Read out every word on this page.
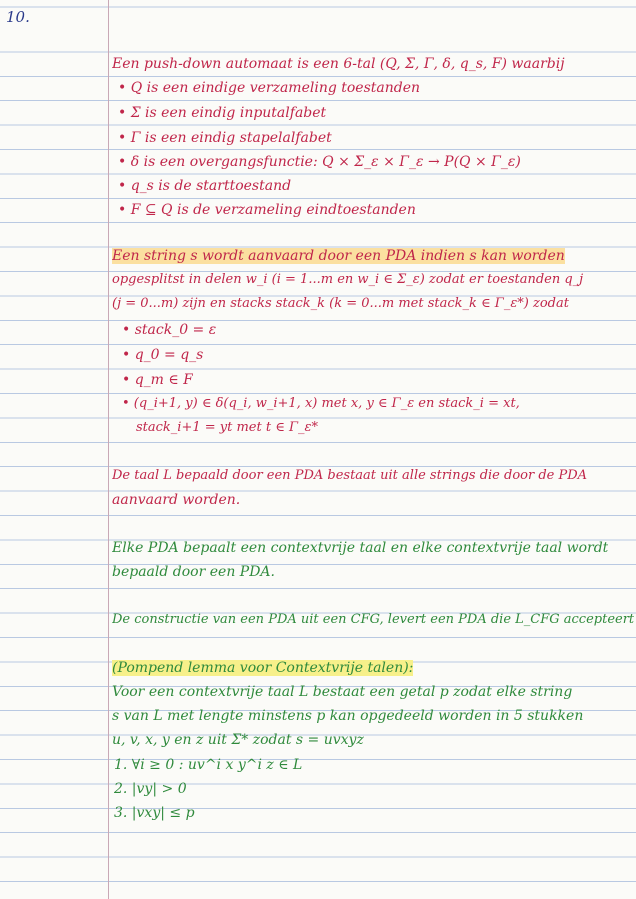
10.
Een push-down automaat is een 6-tal (Q, Σ, Γ, δ, q_s, F) waarbij
• Q is een eindige verzameling toestanden
• Σ is een eindig inputalfabet
• Γ is een eindig stapelalfabet
• δ is een overgangsfunctie: Q × Σ_ε × Γ_ε → P(Q × Γ_ε)
• q_s is de starttoestand
• F ⊆ Q is de verzameling eindtoestanden
Een string s wordt aanvaard door een PDA indien s kan worden
opgesplitst in delen w_i (i = 1...m en w_i ∈ Σ_ε) zodat er toestanden q_j
(j = 0...m) zijn en stacks stack_k (k = 0...m met stack_k ∈ Γ_ε*) zodat
• stack_0 = ε
• q_0 = q_s
• q_m ∈ F
• (q_i+1, y) ∈ δ(q_i, w_i+1, x) met x, y ∈ Γ_ε en stack_i = xt,
stack_i+1 = yt met t ∈ Γ_ε*
De taal L bepaald door een PDA bestaat uit alle strings die door de PDA
aanvaard worden.
Elke PDA bepaalt een contextvrije taal en elke contextvrije taal wordt
bepaald door een PDA.
De constructie van een PDA uit een CFG, levert een PDA die L_CFG accepteert
(Pompend lemma voor Contextvrije talen):
Voor een contextvrije taal L bestaat een getal p zodat elke string
s van L met lengte minstens p kan opgedeeld worden in 5 stukken
u, v, x, y en z uit Σ* zodat s = uvxyz
1. ∀i ≥ 0 : uv^i x y^i z ∈ L
2. |vy| > 0
3. |vxy| ≤ p
